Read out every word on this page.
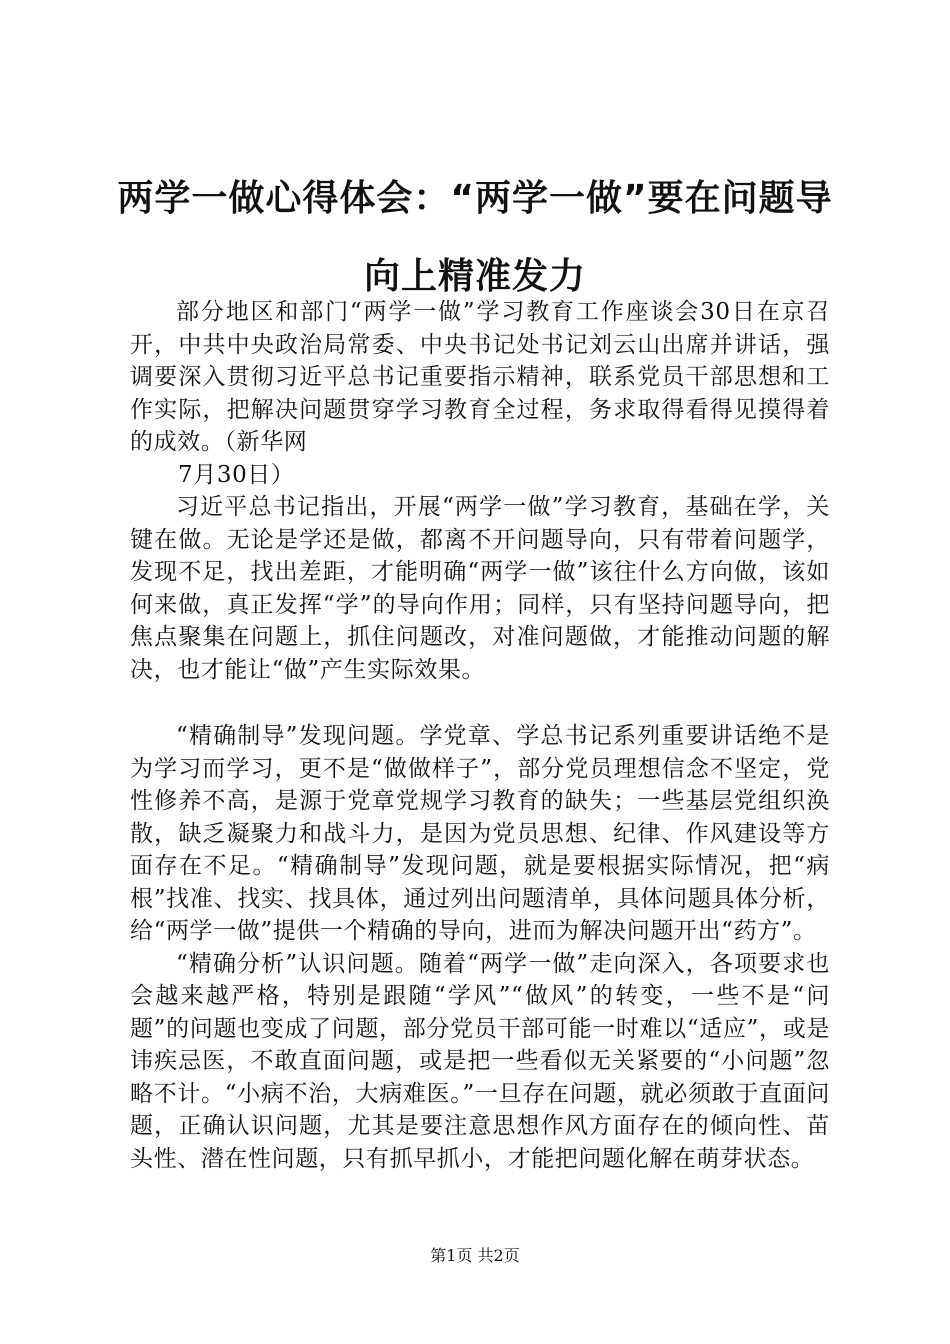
两学一做心得体会：“两学一做”要在问题导向上精准发力

部分地区和部门“两学一做”学习教育工作座谈会30日在京召开，中共中央政治局常委、中央书记处书记刘云山出席并讲话，强调要深入贯彻习近平总书记重要指示精神，联系党员干部思想和工作实际，把解决问题贯穿学习教育全过程，务求取得看得见摸得着的成效。（新华网

7月30日）

习近平总书记指出，开展“两学一做”学习教育，基础在学，关键在做。无论是学还是做，都离不开问题导向，只有带着问题学，发现不足，找出差距，才能明确“两学一做”该往什么方向做，该如何来做，真正发挥“学”的导向作用；同样，只有坚持问题导向，把焦点聚集在问题上，抓住问题改，对准问题做，才能推动问题的解决，也才能让“做”产生实际效果。

“精确制导”发现问题。学党章、学总书记系列重要讲话绝不是为学习而学习，更不是“做做样子”，部分党员理想信念不坚定，党性修养不高，是源于党章党规学习教育的缺失；一些基层党组织涣散，缺乏凝聚力和战斗力，是因为党员思想、纪律、作风建设等方面存在不足。“精确制导”发现问题，就是要根据实际情况，把“病根”找准、找实、找具体，通过列出问题清单，具体问题具体分析，给“两学一做”提供一个精确的导向，进而为解决问题开出“药方”。

“精确分析”认识问题。随着“两学一做”走向深入，各项要求也会越来越严格，特别是跟随“学风”“做风”的转变，一些不是“问题”的问题也变成了问题，部分党员干部可能一时难以“适应”，或是讳疾忌医，不敢直面问题，或是把一些看似无关紧要的“小问题”忽略不计。“小病不治，大病难医。”一旦存在问题，就必须敢于直面问题，正确认识问题，尤其是要注意思想作风方面存在的倾向性、苗头性、潜在性问题，只有抓早抓小，才能把问题化解在萌芽状态。

第1页 共2页
